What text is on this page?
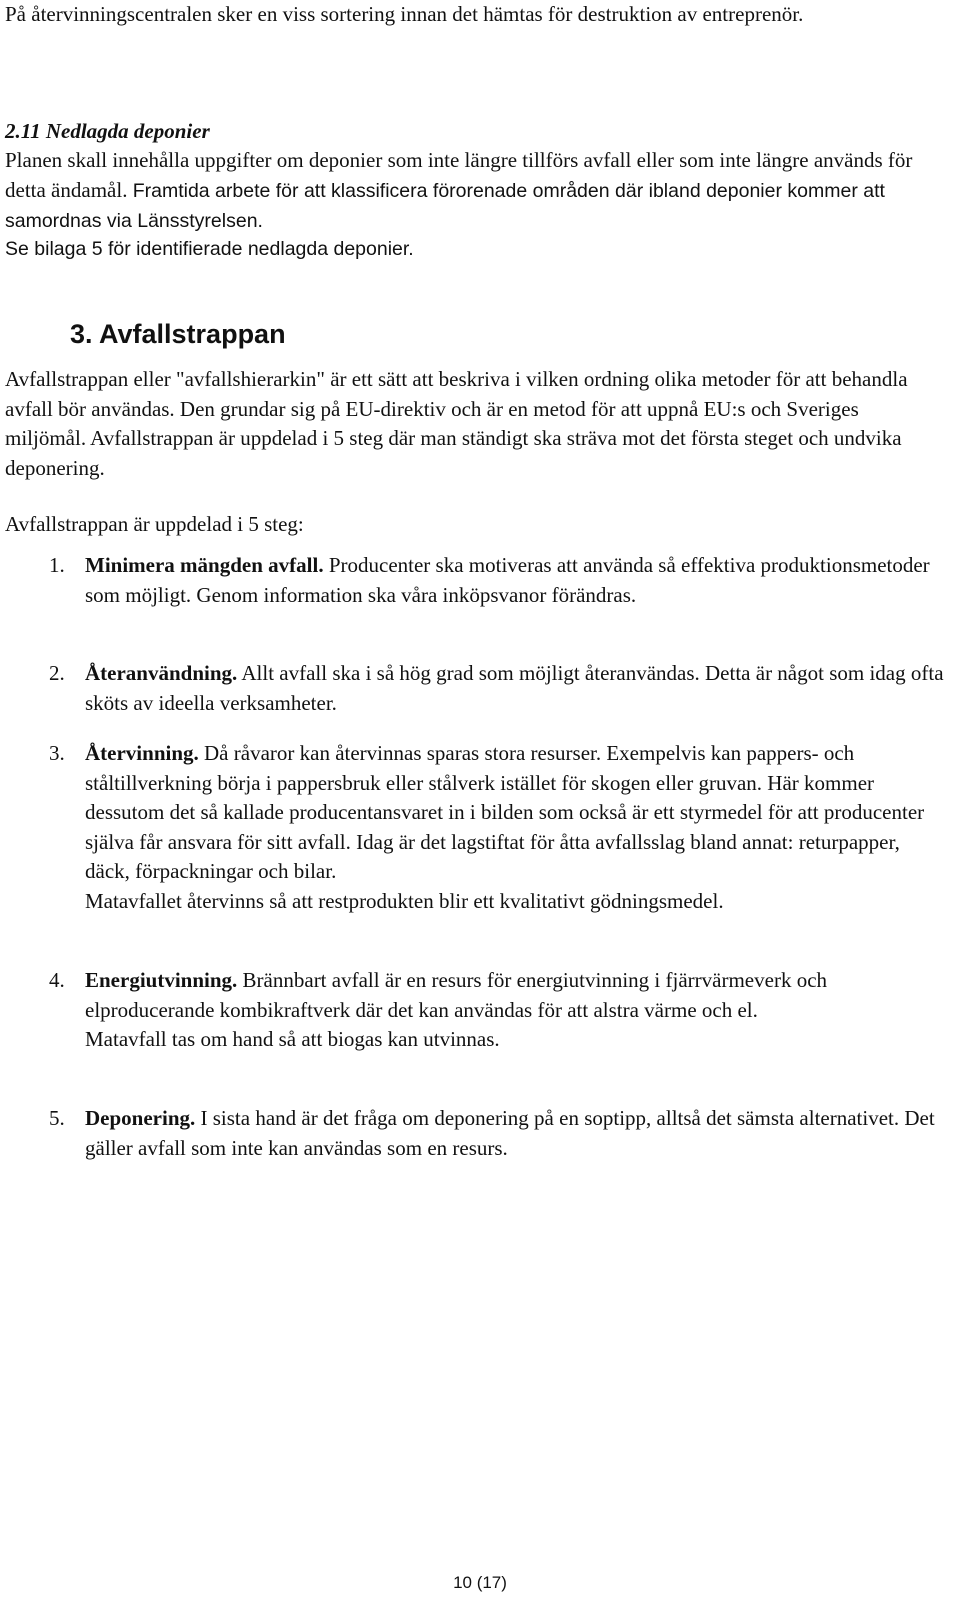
På återvinningscentralen sker en viss sortering innan det hämtas för destruktion av entreprenör.
2.11 Nedlagda deponier
Planen skall innehålla uppgifter om deponier som inte längre tillförs avfall eller som inte längre används för detta ändamål. Framtida arbete för att klassificera förorenade områden där ibland deponier kommer att samordnas via Länsstyrelsen.
Se bilaga 5 för identifierade nedlagda deponier.
3. Avfallstrappan
Avfallstrappan eller "avfallshierarkin" är ett sätt att beskriva i vilken ordning olika metoder för att behandla avfall bör användas. Den grundar sig på EU-direktiv och är en metod för att uppnå EU:s och Sveriges miljömål. Avfallstrappan är uppdelad i 5 steg där man ständigt ska sträva mot det första steget och undvika deponering.
Avfallstrappan är uppdelad i 5 steg:
1. Minimera mängden avfall. Producenter ska motiveras att använda så effektiva produktionsmetoder som möjligt. Genom information ska våra inköpsvanor förändras.
2. Återanvändning. Allt avfall ska i så hög grad som möjligt återanvändas. Detta är något som idag ofta sköts av ideella verksamheter.
3. Återvinning. Då råvaror kan återvinnas sparas stora resurser. Exempelvis kan pappers- och ståltillverkning börja i pappersbruk eller stålverk istället för skogen eller gruvan. Här kommer dessutom det så kallade producentansvaret in i bilden som också är ett styrmedel för att producenter själva får ansvara för sitt avfall. Idag är det lagstiftat för åtta avfallsslag bland annat: returpapper, däck, förpackningar och bilar.
Matavfallet återvinns så att restprodukten blir ett kvalitativt gödningsmedel.
4. Energiutvinning. Brännbart avfall är en resurs för energiutvinning i fjärrvärmeverk och elproducerande kombikraftverk där det kan användas för att alstra värme och el.
Matavfall tas om hand så att biogas kan utvinnas.
5. Deponering. I sista hand är det fråga om deponering på en soptipp, alltså det sämsta alternativet. Det gäller avfall som inte kan användas som en resurs.
10 (17)
